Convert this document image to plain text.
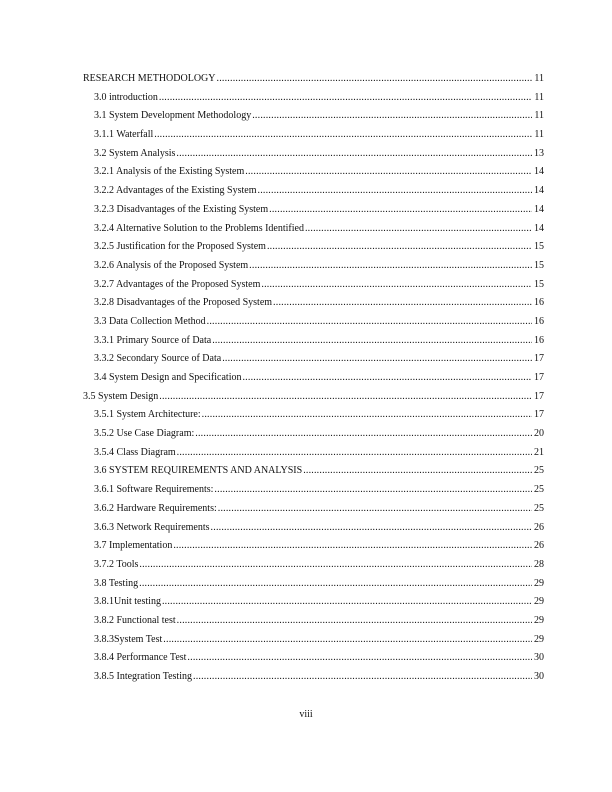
RESEARCH METHODOLOGY .....	11
3.0 introduction .....	11
3.1 System Development Methodology .....	11
3.1.1 Waterfall .....	11
3.2 System Analysis .....	13
3.2.1 Analysis of the Existing System .....	14
3.2.2 Advantages of the Existing System .....	14
3.2.3 Disadvantages of the Existing System .....	14
3.2.4 Alternative Solution to the Problems Identified .....	14
3.2.5 Justification for the Proposed System .....	15
3.2.6 Analysis of the Proposed System .....	15
3.2.7 Advantages of the Proposed System .....	15
3.2.8 Disadvantages of the Proposed System .....	16
3.3 Data Collection Method .....	16
3.3.1 Primary Source of Data .....	16
3.3.2 Secondary Source of Data .....	17
3.4 System Design and Specification .....	17
3.5 System Design .....	17
3.5.1 System Architecture: .....	17
3.5.2 Use Case Diagram: .....	20
3.5.4 Class Diagram .....	21
3.6 SYSTEM REQUIREMENTS AND ANALYSIS .....	25
3.6.1 Software Requirements: .....	25
3.6.2 Hardware Requirements: .....	25
3.6.3 Network Requirements .....	26
3.7 Implementation .....	26
3.7.2 Tools .....	28
3.8 Testing .....	29
3.8.1Unit testing .....	29
3.8.2 Functional test .....	29
3.8.3System Test .....	29
3.8.4 Performance Test .....	30
3.8.5 Integration Testing .....	30
viii
